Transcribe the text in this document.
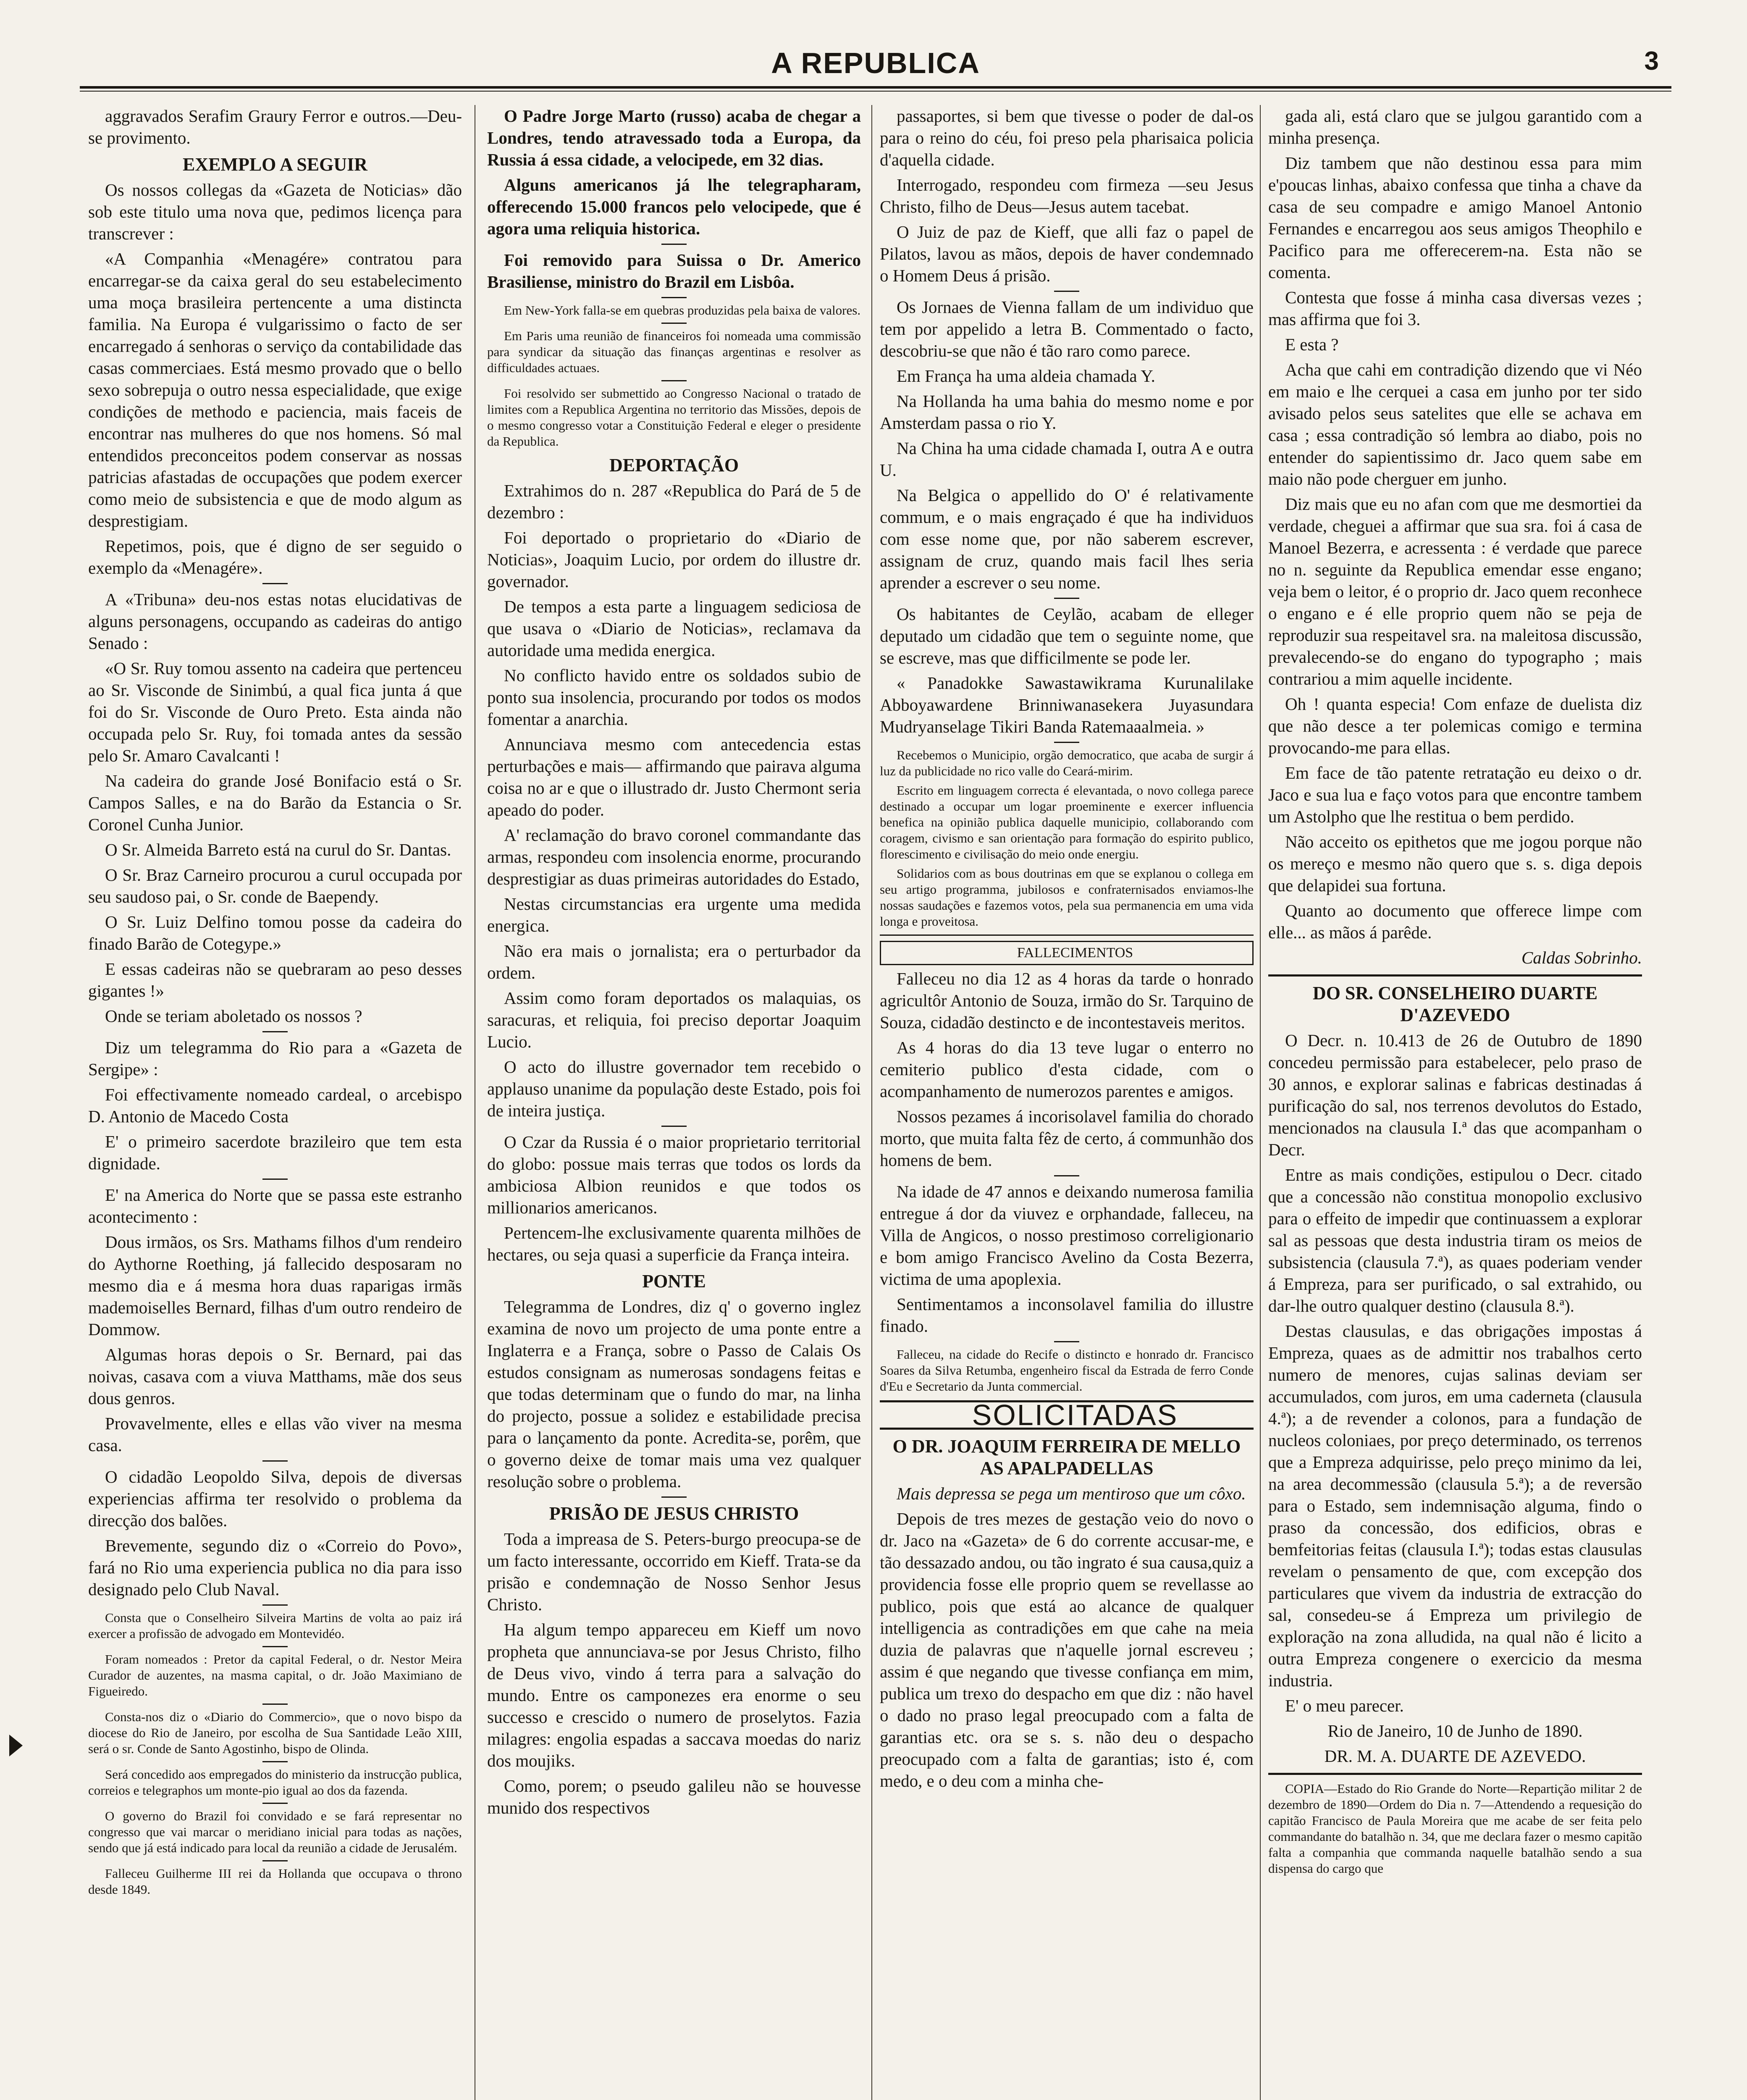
A REPUBLICA	3

aggravados Serafim Graury Ferror e outros.—Deu-se provimento.

EXEMPLO A SEGUIR

Os nossos collegas da «Gazeta de Noticias» dão sob este titulo uma nova que, pedimos licença para transcrever :

«A Companhia «Menagére» contratou para encarregar-se da caixa geral do seu estabelecimento uma moça brasileira pertencente a uma distincta familia. Na Europa é vulgarissimo o facto de ser encarregado á senhoras o serviço da contabilidade das casas commerciaes. Está mesmo provado que o bello sexo sobrepuja o outro nessa especialidade, que exige condições de methodo e paciencia, mais faceis de encontrar nas mulheres do que nos homens. Só mal entendidos preconceitos podem conservar as nossas patricias afastadas de occupações que podem exercer como meio de subsistencia e que de modo algum as desprestigiam.

Repetimos, pois, que é digno de ser seguido o exemplo da «Menagére».

A «Tribuna» deu-nos estas notas elucidativas de alguns personagens, occupando as cadeiras do antigo Senado :

«O Sr. Ruy tomou assento na cadeira que pertenceu ao Sr. Visconde de Sinimbú, a qual fica junta á que foi do Sr. Visconde de Ouro Preto. Esta ainda não occupada pelo Sr. Ruy, foi tomada antes da sessão pelo Sr. Amaro Cavalcanti !

Na cadeira do grande José Bonifacio está o Sr. Campos Salles, e na do Barão da Estancia o Sr. Coronel Cunha Junior.

O Sr. Almeida Barreto está na curul do Sr. Dantas.

O Sr. Braz Carneiro procurou a curul occupada por seu saudoso pai, o Sr. conde de Baependy.

O Sr. Luiz Delfino tomou posse da cadeira do finado Barão de Cotegype.»

E essas cadeiras não se quebraram ao peso desses gigantes !»

Onde se teriam aboletado os nossos ?

Diz um telegramma do Rio para a «Gazeta de Sergipe» :

Foi effectivamente nomeado cardeal, o arcebispo D. Antonio de Macedo Costa

E' o primeiro sacerdote brazileiro que tem esta dignidade.

E' na America do Norte que se passa este estranho acontecimento :

Dous irmãos, os Srs. Mathams filhos d'um rendeiro do Aythorne Roething, já fallecido desposaram no mesmo dia e á mesma hora duas raparigas irmãs mademoiselles Bernard, filhas d'um outro rendeiro de Dommow.

Algumas horas depois o Sr. Bernard, pai das noivas, casava com a viuva Matthams, mãe dos seus dous genros.

Provavelmente, elles e ellas vão viver na mesma casa.

O cidadão Leopoldo Silva, depois de diversas experiencias affirma ter resolvido o problema da direcção dos balões.

Brevemente, segundo diz o «Correio do Povo», fará no Rio uma experiencia publica no dia para isso designado pelo Club Naval.

Consta que o Conselheiro Silveira Martins de volta ao paiz irá exercer a profissão de advogado em Montevidéo.

Foram nomeados : Pretor da capital Federal, o dr. Nestor Meira Curador de auzentes, na masma capital, o dr. João Maximiano de Figueiredo.

Consta-nos diz o «Diario do Commercio», que o novo bispo da diocese do Rio de Janeiro, por escolha de Sua Santidade Leão XIII, será o sr. Conde de Santo Agostinho, bispo de Olinda.

Será concedido aos empregados do ministerio da instrucção publica, correios e telegraphos um monte-pio igual ao dos da fazenda.

O governo do Brazil foi convidado e se fará representar no congresso que vai marcar o meridiano inicial para todas as nações, sendo que já está indicado para local da reunião a cidade de Jerusalém.

Falleceu Guilherme III rei da Hollanda que occupava o throno desde 1849.

O Padre Jorge Marto (russo) acaba de chegar a Londres, tendo atravessado toda a Europa, da Russia á essa cidade, a velocipede, em 32 dias.

Alguns americanos já lhe telegrapharam, offerecendo 15.000 francos pelo velocipede, que é agora uma reliquia historica.

Foi removido para Suissa o Dr. Americo Brasiliense, ministro do Brazil em Lisbôa.

Em New-York falla-se em quebras produzidas pela baixa de valores.

Em Paris uma reunião de financeiros foi nomeada uma commissão para syndicar da situação das finanças argentinas e resolver as difficuldades actuaes.

Foi resolvido ser submettido ao Congresso Nacional o tratado de limites com a Republica Argentina no territorio das Missões, depois de o mesmo congresso votar a Constituição Federal e eleger o presidente da Republica.

DEPORTAÇÃO

Extrahimos do n. 287 «Republica do Pará de 5 de dezembro :

Foi deportado o proprietario do «Diario de Noticias», Joaquim Lucio, por ordem do illustre dr. governador.

De tempos a esta parte a linguagem sediciosa de que usava o «Diario de Noticias», reclamava da autoridade uma medida energica.

No conflicto havido entre os soldados subio de ponto sua insolencia, procurando por todos os modos fomentar a anarchia.

Annunciava mesmo com antecedencia estas perturbações e mais— affirmando que pairava alguma coisa no ar e que o illustrado dr. Justo Chermont seria apeado do poder.

A' reclamação do bravo coronel commandante das armas, respondeu com insolencia enorme, procurando desprestigiar as duas primeiras autoridades do Estado,

Nestas circumstancias era urgente uma medida energica.

Não era mais o jornalista; era o perturbador da ordem.

Assim como foram deportados os malaquias, os saracuras, et reliquia, foi preciso deportar Joaquim Lucio.

O acto do illustre governador tem recebido o applauso unanime da população deste Estado, pois foi de inteira justiça.

O Czar da Russia é o maior proprietario territorial do globo: possue mais terras que todos os lords da ambiciosa Albion reunidos e que todos os millionarios americanos.

Pertencem-lhe exclusivamente quarenta milhões de hectares, ou seja quasi a superficie da França inteira.

PONTE

Telegramma de Londres, diz q' o governo inglez examina de novo um projecto de uma ponte entre a Inglaterra e a França, sobre o Passo de Calais Os estudos consignam as numerosas sondagens feitas e que todas determinam que o fundo do mar, na linha do projecto, possue a solidez e estabilidade precisa para o lançamento da ponte. Acredita-se, porêm, que o governo deixe de tomar mais uma vez qualquer resolução sobre o problema.

PRISÃO DE JESUS CHRISTO

Toda a impreasa de S. Peters-burgo preocupa-se de um facto interessante, occorrido em Kieff. Trata-se da prisão e condemnação de Nosso Senhor Jesus Christo.

Ha algum tempo appareceu em Kieff um novo propheta que annunciava-se por Jesus Christo, filho de Deus vivo, vindo á terra para a salvação do mundo. Entre os camponezes era enorme o seu successo e crescido o numero de proselytos. Fazia milagres: engolia espadas a saccava moedas do nariz dos moujiks.

Como, porem; o pseudo galileu não se houvesse munido dos respectivos

passaportes, si bem que tivesse o poder de dal-os para o reino do céu, foi preso pela pharisaica policia d'aquella cidade.

Interrogado, respondeu com firmeza —seu Jesus Christo, filho de Deus—Jesus autem tacebat.

O Juiz de paz de Kieff, que alli faz o papel de Pilatos, lavou as mãos, depois de haver condemnado o Homem Deus á prisão.

Os Jornaes de Vienna fallam de um individuo que tem por appelido a letra B. Commentado o facto, descobriu-se que não é tão raro como parece.

Em França ha uma aldeia chamada Y.

Na Hollanda ha uma bahia do mesmo nome e por Amsterdam passa o rio Y.

Na China ha uma cidade chamada I, outra A e outra U.

Na Belgica o appellido do O' é relativamente commum, e o mais engraçado é que ha individuos com esse nome que, por não saberem escrever, assignam de cruz, quando mais facil lhes seria aprender a escrever o seu nome.

Os habitantes de Ceylão, acabam de elleger deputado um cidadão que tem o seguinte nome, que se escreve, mas que difficilmente se pode ler.

« Panadokke Sawastawikrama Kurunalilake Abboyawardene Brinniwanasekera Juyasundara Mudryanselage Tikiri Banda Ratemaaalmeia. »

Recebemos o Municipio, orgão democratico, que acaba de surgir á luz da publicidade no rico valle do Ceará-mirim.

Escrito em linguagem correcta é elevantada, o novo collega parece destinado a occupar um logar proeminente e exercer influencia benefica na opinião publica daquelle municipio, collaborando com coragem, civismo e san orientação para formação do espirito publico, florescimento e civilisação do meio onde energiu.

Solidarios com as bous doutrinas em que se explanou o collega em seu artigo programma, jubilosos e confraternisados enviamos-lhe nossas saudações e fazemos votos, pela sua permanencia em uma vida longa e proveitosa.

FALLECIMENTOS

Falleceu no dia 12 as 4 horas da tarde o honrado agricultôr Antonio de Souza, irmão do Sr. Tarquino de Souza, cidadão destincto e de incontestaveis meritos.

As 4 horas do dia 13 teve lugar o enterro no cemiterio publico d'esta cidade, com o acompanhamento de numerozos parentes e amigos.

Nossos pezames á incorisolavel familia do chorado morto, que muita falta fêz de certo, á communhão dos homens de bem.

Na idade de 47 annos e deixando numerosa familia entregue á dor da viuvez e orphandade, falleceu, na Villa de Angicos, o nosso prestimoso correligionario e bom amigo Francisco Avelino da Costa Bezerra, victima de uma apoplexia.

Sentimentamos a inconsolavel familia do illustre finado.

Falleceu, na cidade do Recife o distincto e honrado dr. Francisco Soares da Silva Retumba, engenheiro fiscal da Estrada de ferro Conde d'Eu e Secretario da Junta commercial.

SOLICITADAS

O DR. JOAQUIM FERREIRA DE MELLO AS APALPADELLAS

Mais depressa se pega um mentiroso que um côxo.

Depois de tres mezes de gestação veio do novo o dr. Jaco na «Gazeta» de 6 do corrente accusar-me, e tão dessazado andou, ou tão ingrato é sua causa,quiz a providencia fosse elle proprio quem se revellasse ao publico, pois que está ao alcance de qualquer intelligencia as contradições em que cahe na meia duzia de palavras que n'aquelle jornal escreveu ; assim é que negando que tivesse confiança em mim, publica um trexo do despacho em que diz : não havel o dado no praso legal preocupado com a falta de garantias etc. ora se s. s. não deu o despacho preocupado com a falta de garantias; isto é, com medo, e o deu com a minha che-

gada ali, está claro que se julgou garantido com a minha presença.

Diz tambem que não destinou essa para mim e'poucas linhas, abaixo confessa que tinha a chave da casa de seu compadre e amigo Manoel Antonio Fernandes e encarregou aos seus amigos Theophilo e Pacifico para me offerecerem-na. Esta não se comenta.

Contesta que fosse á minha casa diversas vezes ; mas affirma que foi 3.

E esta ?

Acha que cahi em contradição dizendo que vi Néo em maio e lhe cerquei a casa em junho por ter sido avisado pelos seus satelites que elle se achava em casa ; essa contradição só lembra ao diabo, pois no entender do sapientissimo dr. Jaco quem sabe em maio não pode cherguer em junho.

Diz mais que eu no afan com que me desmortiei da verdade, cheguei a affirmar que sua sra. foi á casa de Manoel Bezerra, e acressenta : é verdade que parece no n. seguinte da Republica emendar esse engano; veja bem o leitor, é o proprio dr. Jaco quem reconhece o engano e é elle proprio quem não se peja de reproduzir sua respeitavel sra. na maleitosa discussão, prevalecendo-se do engano do typographo ; mais contrariou a mim aquelle incidente.

Oh ! quanta especia! Com enfaze de duelista diz que não desce a ter polemicas comigo e termina provocando-me para ellas.

Em face de tão patente retratação eu deixo o dr. Jaco e sua lua e faço votos para que encontre tambem um Astolpho que lhe restitua o bem perdido.

Não acceito os epithetos que me jogou porque não os mereço e mesmo não quero que s. s. diga depois que delapidei sua fortuna.

Quanto ao documento que offerece limpe com elle... as mãos á parêde.

Caldas Sobrinho.

DO SR. CONSELHEIRO DUARTE D'AZEVEDO

O Decr. n. 10.413 de 26 de Outubro de 1890 concedeu permissão para estabelecer, pelo praso de 30 annos, e explorar salinas e fabricas destinadas á purificação do sal, nos terrenos devolutos do Estado, mencionados na clausula I.ª das que acompanham o Decr.

Entre as mais condições, estipulou o Decr. citado que a concessão não constitua monopolio exclusivo para o effeito de impedir que continuassem a explorar sal as pessoas que desta industria tiram os meios de subsistencia (clausula 7.ª), as quaes poderiam vender á Empreza, para ser purificado, o sal extrahido, ou dar-lhe outro qualquer destino (clausula 8.ª).

Destas clausulas, e das obrigações impostas á Empreza, quaes as de admittir nos trabalhos certo numero de menores, cujas salinas deviam ser accumulados, com juros, em uma caderneta (clausula 4.ª); a de revender a colonos, para a fundação de nucleos coloniaes, por preço determinado, os terrenos que a Empreza adquirisse, pelo preço minimo da lei, na area decommessão (clausula 5.ª); a de reversão para o Estado, sem indemnisação alguma, findo o praso da concessão, dos edificios, obras e bemfeitorias feitas (clausula I.ª); todas estas clausulas revelam o pensamento de que, com excepção dos particulares que vivem da industria de extracção do sal, consedeu-se á Empreza um privilegio de exploração na zona alludida, na qual não é licito a outra Empreza congenere o exercicio da mesma industria.

E' o meu parecer.

Rio de Janeiro, 10 de Junho de 1890.

DR. M. A. DUARTE DE AZEVEDO.

COPIA—Estado do Rio Grande do Norte—Repartição militar 2 de dezembro de 1890—Ordem do Dia n. 7—Attendendo a requesição do capitão Francisco de Paula Moreira que me acabe de ser feita pelo commandante do batalhão n. 34, que me declara fazer o mesmo capitão falta a companhia que commanda naquelle batalhão sendo a sua dispensa do cargo que
